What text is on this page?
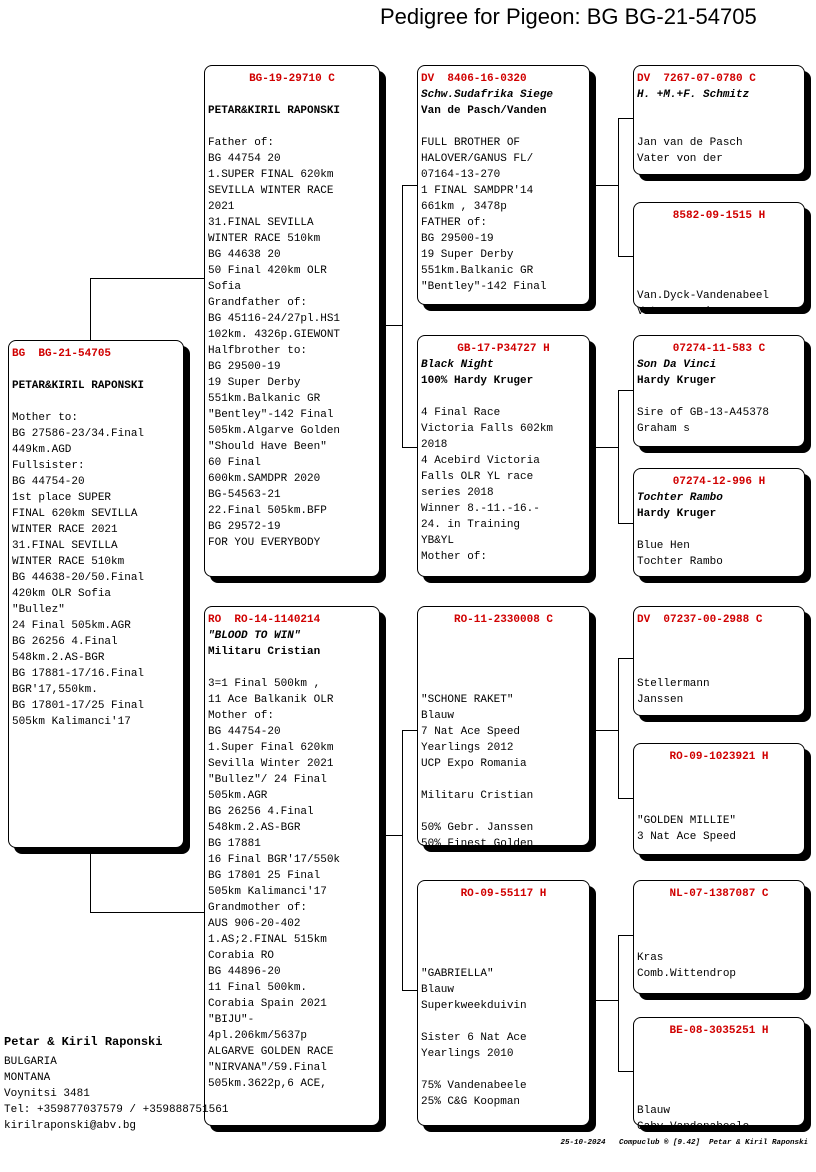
Pedigree for Pigeon: BG BG-21-54705
BG  BG-21-54705
PETAR&KIRIL RAPONSKI
Mother to:
BG 27586-23/34.Final
449km.AGD
Fullsister:
BG 44754-20
1st place SUPER
FINAL 620km SEVILLA
WINTER RACE 2021
31.FINAL SEVILLA
WINTER RACE 510km
BG 44638-20/50.Final
420km OLR Sofia
"Bullez"
24 Final 505km.AGR
BG 26256 4.Final
548km.2.AS-BGR
BG 17881-17/16.Final
BGR'17,550km.
BG 17801-17/25 Final
505km Kalimanci'17
BG-19-29710 C
PETAR&KIRIL RAPONSKI
Father of:
BG 44754 20
1.SUPER FINAL 620km
SEVILLA WINTER RACE
2021
31.FINAL SEVILLA
WINTER RACE 510km
BG 44638 20
50 Final 420km OLR
Sofia
Grandfather of:
BG 45116-24/27pl.HS1
102km. 4326p.GIEWONT
Halfbrother to:
BG 29500-19
19 Super Derby
551km.Balkanic GR
"Bentley"-142 Final
505km.Algarve Golden
"Should Have Been"
60 Final
600km.SAMDPR 2020
BG-54563-21
22.Final 505km.BFP
BG 29572-19
FOR YOU EVERYBODY
RO  RO-14-1140214
"BLOOD TO WIN"
Militaru Cristian
3=1 Final 500km ,
11 Ace Balkanik OLR
Mother of:
BG 44754-20
1.Super Final 620km
Sevilla Winter 2021
"Bullez"/ 24 Final
505km.AGR
BG 26256 4.Final
548km.2.AS-BGR
BG 17881
16 Final BGR'17/550k
BG 17801 25 Final
505km Kalimanci'17
Grandmother of:
AUS 906-20-402
1.AS;2.FINAL 515km
Corabia RO
BG 44896-20
11 Final 500km.
Corabia Spain 2021
"BIJU"-
4pl.206km/5637p
ALGARVE GOLDEN RACE
"NIRVANA"/59.Final
505km.3622p,6 ACE,
DV  8406-16-0320
Schw.Sudafrika Siege
Van de Pasch/Vanden
FULL BROTHER OF
HALOVER/GANUS FL/
07164-13-270
1 FINAL SAMDPR'14
661km , 3478p
FATHER of:
BG 29500-19
19 Super Derby
551km.Balkanic GR
"Bentley"-142 Final
GB-17-P34727 H
Black Night
100% Hardy Kruger
4 Final Race
Victoria Falls 602km
2018
4 Acebird Victoria
Falls OLR YL race
series 2018
Winner 8.-11.-16.-
24. in Training
YB&YL
Mother of:
RO-11-2330008 C
"SCHONE RAKET"
Blauw
7 Nat Ace Speed
Yearlings 2012
UCP Expo Romania
Militaru Cristian
50% Gebr. Janssen
50% Finest Golden
RO-09-55117 H
"GABRIELLA"
Blauw
Superkweekduivin
Sister 6 Nat Ace
Yearlings 2010
75% Vandenabeele
25% C&G Koopman
DV  7267-07-0780 C
H. +M.+F. Schmitz
Jan van de Pasch
Vater von der
8582-09-1515 H
Van.Dyck-Vandenabeel
Vater von der
07274-11-583 C
Son Da Vinci
Hardy Kruger
Sire of GB-13-A45378
Graham s
07274-12-996 H
Tochter Rambo
Hardy Kruger
Blue Hen
Tochter Rambo
DV  07237-00-2988 C
Stellermann
Janssen
RO-09-1023921 H
"GOLDEN MILLIE"
3 Nat Ace Speed
NL-07-1387087 C
Kras
Comb.Wittendrop
BE-08-3035251 H
Blauw
Gaby Vandenabeele
Petar & Kiril Raponski
BULGARIA
MONTANA
Voynitsi 3481
Tel: +359877037579 / +359888751561
kirilraponski@abv.bg
25-10-2024   Compuclub ® [9.42]  Petar & Kiril Raponski
